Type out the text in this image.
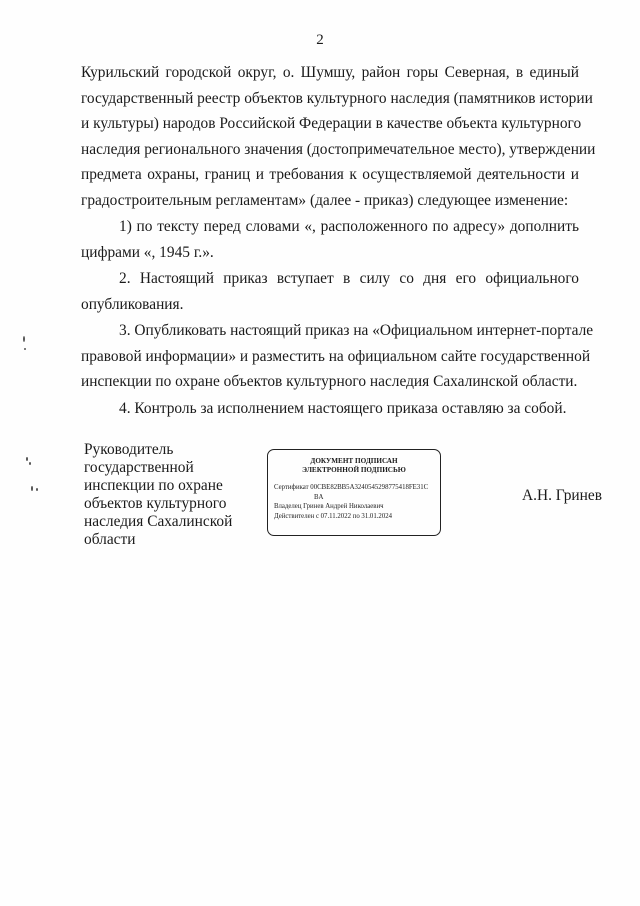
2
Курильский городской округ, о. Шумшу, район горы Северная, в единый
государственный реестр объектов культурного наследия (памятников истории
и культуры) народов Российской Федерации в качестве объекта культурного
наследия регионального значения (достопримечательное место), утверждении
предмета охраны, границ и требования к осуществляемой деятельности и
градостроительным регламентам» (далее - приказ) следующее изменение:
1) по тексту перед словами «, расположенного по адресу» дополнить
цифрами «, 1945 г.».
2. Настоящий приказ вступает в силу со дня его официального
опубликования.
3. Опубликовать настоящий приказ на «Официальном интернет-портале
правовой информации» и разместить на официальном сайте государственной
инспекции по охране объектов культурного наследия Сахалинской области.
4. Контроль за исполнением настоящего приказа оставляю за собой.
Руководитель
государственной
инспекции по охране
объектов культурного
наследия Сахалинской
области
ДОКУМЕНТ ПОДПИСАН
ЭЛЕКТРОННОЙ ПОДПИСЬЮ
Сертификат 00CBE82BB5A3240545298775418FE31C
BA
Владелец Гринев Андрей Николаевич
Действителен с 07.11.2022 по 31.01.2024
А.Н. Гринев
